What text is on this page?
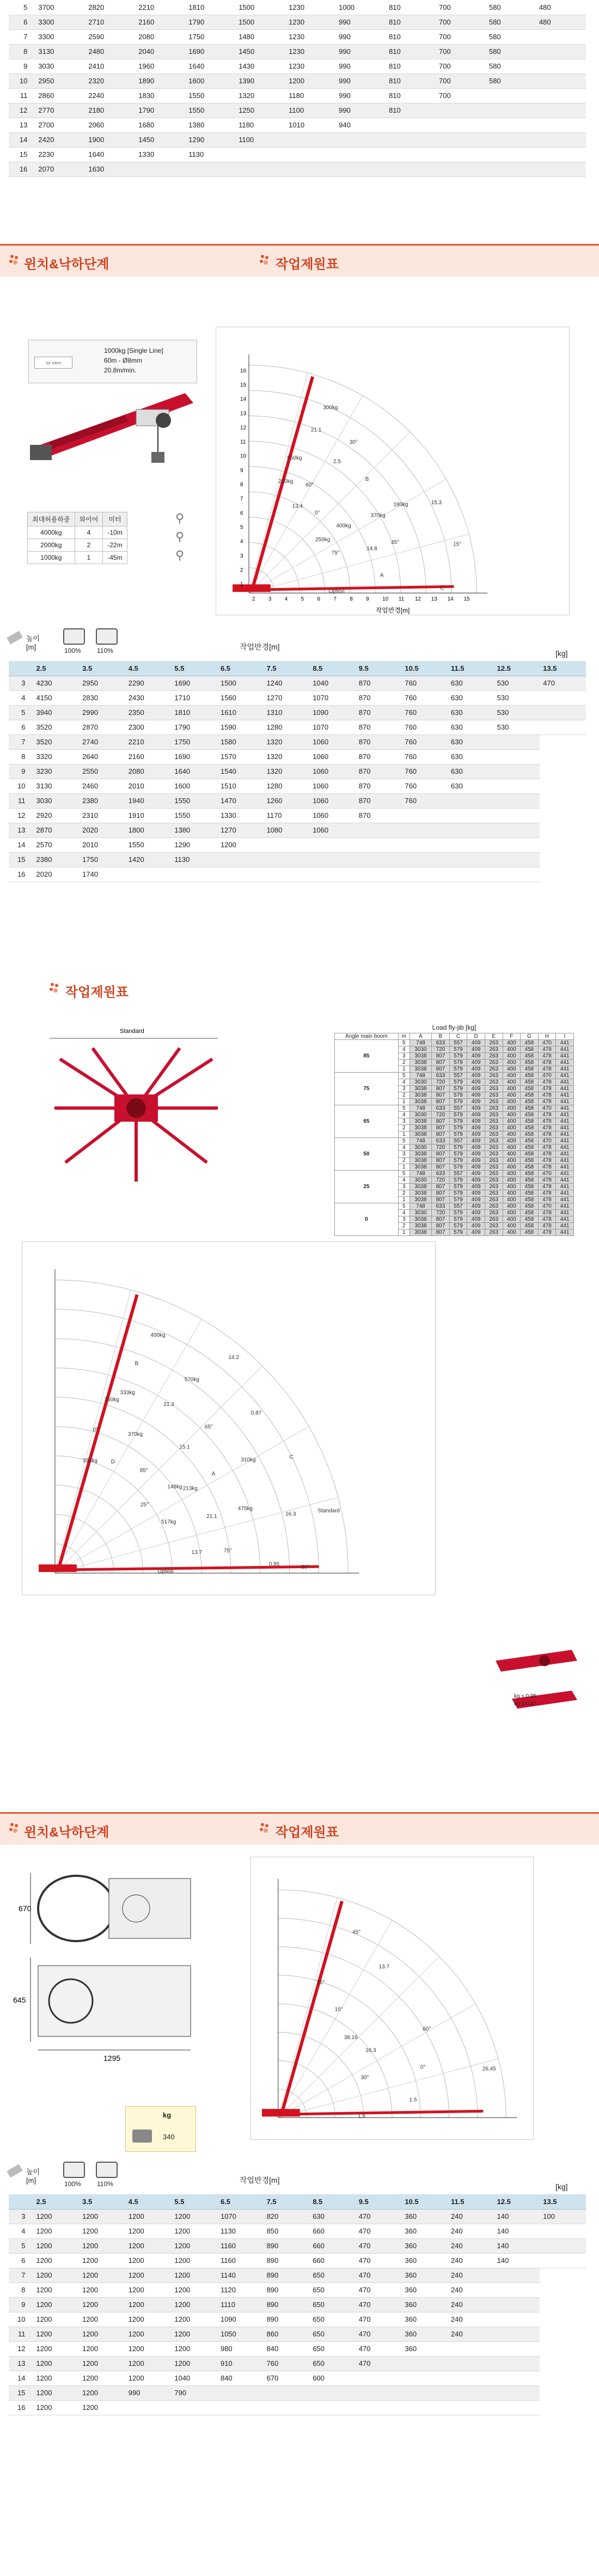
5	3700	2820	2210	1810	1500	1230	1000	810	700	580	480
6	3300	2710	2160	1790	1500	1230	990	810	700	580	480
7	3300	2590	2080	1750	1480	1230	990	810	700	580	
8	3130	2480	2040	1690	1450	1230	990	810	700	580	
9	3030	2410	1960	1640	1430	1230	990	810	700	580	
10	2950	2320	1890	1600	1390	1200	990	810	700	580	
11	2860	2240	1830	1550	1320	1180	990	810	700		
12	2770	2180	1790	1550	1250	1100	990	810			
13	2700	2060	1680	1380	1180	1010	940				
14	2420	1900	1450	1290	1100						
15	2230	1640	1330	1130							
16	2070	1630									
윈치&낙하단계	작업제원표
▭ ▭▭
1000kg [Single Line]
60m - Ø8mm
20.8m/min.
최대허용하중	와이어	미터
4000kg	4	-10m
2000kg	2	-22m
1000kg	1	-45m
⚲
⚲
⚲
100% 110%
2 3 4 5 6 7 8 9 10 11 12 13 14 15
1
2
3
4
5
6
7
8
9
10
11
12
13
14
15
16
Option
400kg
550kg
180kg
300kg
75°
60°
45°
30°
15°
0°
A
B
C
250kg
200kg
370kg
21.1
15.3
13.4
14.8
2.5
작업반경[m]
높이 [m]	100% 110%	작업반경[m]
[kg]
	2.5	3.5	4.5	5.5	6.5	7.5	8.5	9.5	10.5	11.5	12.5	13.5
3	4230	2950	2290	1690	1500	1240	1040	870	760	630	530	470
4	4150	2830	2430	1710	1560	1270	1070	870	760	630	530	
5	3940	2990	2350	1810	1610	1310	1090	870	760	630	530	
6	3520	2870	2300	1790	1590	1280	1070	870	760	630	530	
7	3520	2740	2210	1750	1580	1320	1060	870	760	630		
8	3320	2640	2160	1690	1570	1320	1060	870	760	630		
9	3230	2550	2080	1640	1540	1320	1060	870	760	630		
10	3130	2460	2010	1600	1510	1280	1060	870	760	630		
11	3030	2380	1940	1550	1470	1260	1060	870	760			
12	2920	2310	1910	1550	1330	1170	1060	870				
13	2870	2020	1800	1380	1270	1080	1060					
14	2570	2010	1550	1290	1200							
15	2380	1750	1420	1130								
16	2020	1740										
작업제원표
Standard
Option
148kg
350kg
310kg
400kg
517kg
370kg
475kg
570kg
Standard
85°
75°
65°
50°
25°
0°
A
B
C
D
21.1
21.3
16.3
14.2
13.7
15.1
0.95
0.87
333kg
213kg
333kg
Load fly-jib [kg]
Angle main boom	m	A	B	C	D	E	F	G	H	I
85	5	748	633	557	409	263	400	458	470	441
	4	3030	720	579	409	263	400	458	478	441
	3	3038	807	579	409	263	400	458	478	441
	2	3038	807	579	409	263	400	458	478	441
	1	3038	807	579	409	263	400	458	478	441
75	5	748	633	557	409	263	400	458	470	441
	4	3030	720	579	409	263	400	458	478	441
	3	3038	807	579	409	263	400	458	478	441
	2	3038	807	579	409	263	400	458	478	441
	1	3038	807	579	409	263	400	458	478	441
65	5	748	633	557	409	263	400	458	470	441
	4	3030	720	579	409	263	400	458	478	441
	3	3038	807	579	409	263	400	458	478	441
	2	3038	807	579	409	263	400	458	478	441
	1	3038	807	579	409	263	400	458	478	441
50	5	748	633	557	409	263	400	458	470	441
	4	3030	720	579	409	263	400	458	478	441
	3	3038	807	579	409	263	400	458	478	441
	2	3038	807	579	409	263	400	458	478	441
	1	3038	807	579	409	263	400	458	478	441
25	5	748	633	557	409	263	400	458	470	441
	4	3030	720	579	409	263	400	458	478	441
	3	3038	807	579	409	263	400	458	478	441
	2	3038	807	579	409	263	400	458	478	441
	1	3038	807	579	409	263	400	458	478	441
0	5	748	633	557	409	263	400	458	470	441
	4	3030	720	579	409	263	400	458	478	441
	3	3038	807	579	409	263	400	458	478	441
	2	3038	807	579	409	263	400	458	478	441
	1	3038	807	579	409	263	400	458	478	441
kg ≤ 0.95
kg ≤ 0.87
윈치&낙하단계	작업제원표
670
645
1295
kg
340
100% 110%
1.5
16.3
75°
60°
45°
30°
15°
0°
13.7
26.45
38.16
1.5
높이 [m]	100% 110%	작업반경[m]
[kg]
	2.5	3.5	4.5	5.5	6.5	7.5	8.5	9.5	10.5	11.5	12.5	13.5
3	1200	1200	1200	1200	1070	820	630	470	360	240	140	100
4	1200	1200	1200	1200	1130	850	660	470	360	240	140	
5	1200	1200	1200	1200	1160	890	660	470	360	240	140	
6	1200	1200	1200	1200	1160	890	660	470	360	240	140	
7	1200	1200	1200	1200	1140	890	650	470	360	240		
8	1200	1200	1200	1200	1120	890	650	470	360	240		
9	1200	1200	1200	1200	1110	890	650	470	360	240		
10	1200	1200	1200	1200	1090	890	650	470	360	240		
11	1200	1200	1200	1200	1050	860	650	470	360	240		
12	1200	1200	1200	1200	980	840	650	470	360			
13	1200	1200	1200	1200	910	760	650	470				
14	1200	1200	1200	1040	840	670	600					
15	1200	1200	990	790								
16	1200	1200										
